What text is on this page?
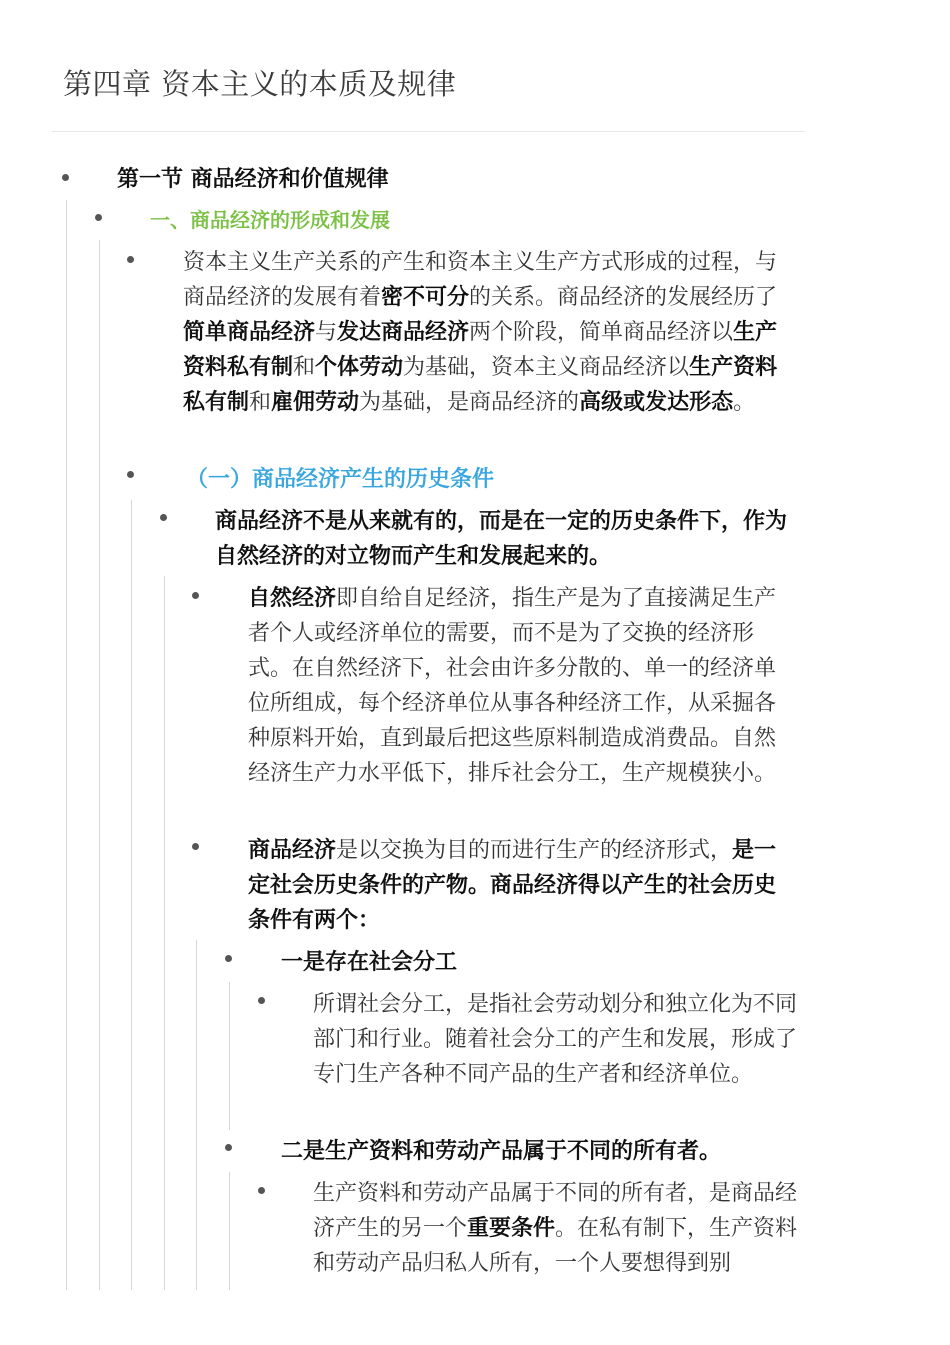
第四章 资本主义的本质及规律
第一节 商品经济和价值规律
一、商品经济的形成和发展
资本主义生产关系的产生和资本主义生产方式形成的过程，与商品经济的发展有着密不可分的关系。商品经济的发展经历了简单商品经济与发达商品经济两个阶段，简单商品经济以生产资料私有制和个体劳动为基础，资本主义商品经济以生产资料私有制和雇佣劳动为基础，是商品经济的高级或发达形态。
（一）商品经济产生的历史条件
商品经济不是从来就有的，而是在一定的历史条件下，作为自然经济的对立物而产生和发展起来的。
自然经济即自给自足经济，指生产是为了直接满足生产者个人或经济单位的需要，而不是为了交换的经济形式。在自然经济下，社会由许多分散的、单一的经济单位所组成，每个经济单位从事各种经济工作，从采掘各种原料开始，直到最后把这些原料制造成消费品。自然经济生产力水平低下，排斥社会分工，生产规模狭小。
商品经济是以交换为目的而进行生产的经济形式，是一定社会历史条件的产物。商品经济得以产生的社会历史条件有两个：
一是存在社会分工
所谓社会分工，是指社会劳动划分和独立化为不同部门和行业。随着社会分工的产生和发展，形成了专门生产各种不同产品的生产者和经济单位。
二是生产资料和劳动产品属于不同的所有者。
生产资料和劳动产品属于不同的所有者，是商品经济产生的另一个重要条件。在私有制下，生产资料和劳动产品归私人所有，一个人要想得到别
